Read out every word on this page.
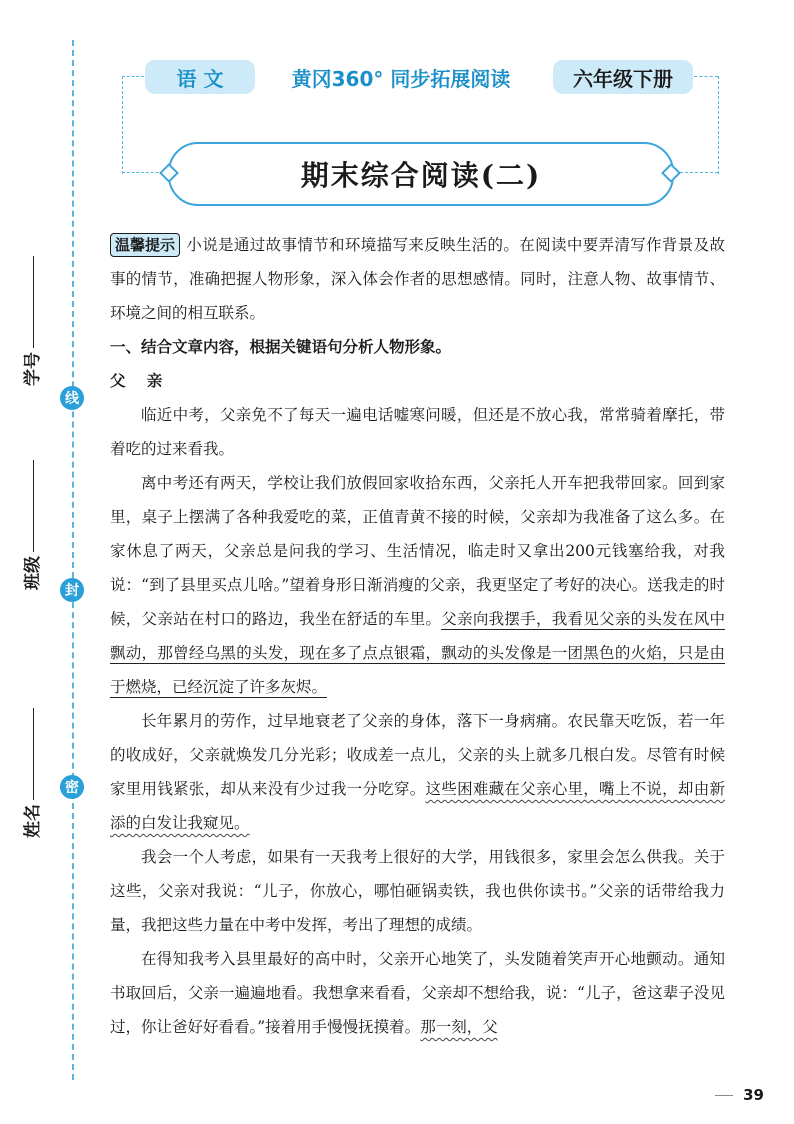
线
封
密
学号
班级
姓名
语 文	黄冈360° 同步拓展阅读	六年级下册
期末综合阅读(二)

温馨提示 小说是通过故事情节和环境描写来反映生活的。在阅读中要弄清写作背景及故事的情节，准确把握人物形象，深入体会作者的思想感情。同时，注意人物、故事情节、环境之间的相互联系。

一、结合文章内容，根据关键语句分析人物形象。

父 亲

临近中考，父亲免不了每天一遍电话嘘寒问暖，但还是不放心我，常常骑着摩托，带着吃的过来看我。

离中考还有两天，学校让我们放假回家收拾东西，父亲托人开车把我带回家。回到家里，桌子上摆满了各种我爱吃的菜，正值青黄不接的时候，父亲却为我准备了这么多。在家休息了两天，父亲总是问我的学习、生活情况，临走时又拿出200元钱塞给我，对我说：“到了县里买点儿啥。”望着身形日渐消瘦的父亲，我更坚定了考好的决心。送我走的时候，父亲站在村口的路边，我坐在舒适的车里。父亲向我摆手，我看见父亲的头发在风中飘动，那曾经乌黑的头发，现在多了点点银霜，飘动的头发像是一团黑色的火焰，只是由于燃烧，已经沉淀了许多灰烬。

长年累月的劳作，过早地衰老了父亲的身体，落下一身病痛。农民靠天吃饭，若一年的收成好，父亲就焕发几分光彩；收成差一点儿，父亲的头上就多几根白发。尽管有时候家里用钱紧张，却从来没有少过我一分吃穿。这些困难藏在父亲心里，嘴上不说，却由新添的白发让我窥见。

我会一个人考虑，如果有一天我考上很好的大学，用钱很多，家里会怎么供我。关于这些，父亲对我说：“儿子，你放心，哪怕砸锅卖铁，我也供你读书。”父亲的话带给我力量，我把这些力量在中考中发挥，考出了理想的成绩。

在得知我考入县里最好的高中时，父亲开心地笑了，头发随着笑声开心地颤动。通知书取回后，父亲一遍遍地看。我想拿来看看，父亲却不想给我，说：“儿子，爸这辈子没见过，你让爸好好看看。”接着用手慢慢抚摸着。那一刻，父

39
